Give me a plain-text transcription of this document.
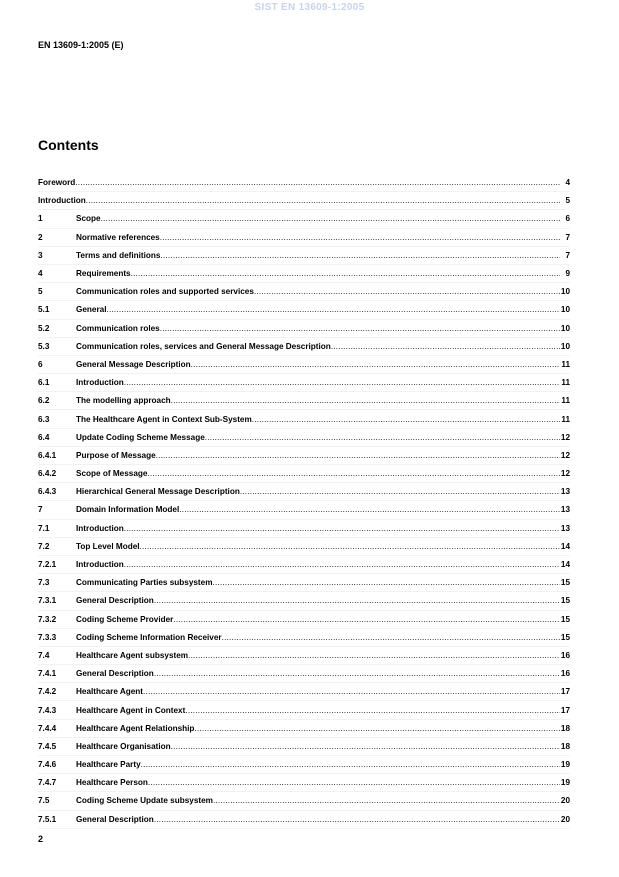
SIST EN 13609-1:2005
EN 13609-1:2005 (E)
Contents
Foreword .....	4
Introduction .....	5
1	Scope .....	6
2	Normative references .....	7
3	Terms and definitions .....	7
4	Requirements .....	9
5	Communication roles and supported services .....	10
5.1	General .....	10
5.2	Communication roles .....	10
5.3	Communication roles, services and General Message Description .....	10
6	General Message Description .....	11
6.1	Introduction .....	11
6.2	The modelling approach .....	11
6.3	The Healthcare Agent in Context Sub-System .....	11
6.4	Update Coding Scheme Message .....	12
6.4.1	Purpose of Message .....	12
6.4.2	Scope of Message .....	12
6.4.3	Hierarchical General Message Description .....	13
7	Domain Information Model .....	13
7.1	Introduction .....	13
7.2	Top Level Model .....	14
7.2.1	Introduction .....	14
7.3	Communicating Parties subsystem .....	15
7.3.1	General Description .....	15
7.3.2	Coding Scheme Provider .....	15
7.3.3	Coding Scheme Information Receiver .....	15
7.4	Healthcare Agent subsystem .....	16
7.4.1	General Description .....	16
7.4.2	Healthcare Agent .....	17
7.4.3	Healthcare Agent in Context .....	17
7.4.4	Healthcare Agent Relationship .....	18
7.4.5	Healthcare Organisation .....	18
7.4.6	Healthcare Party .....	19
7.4.7	Healthcare Person .....	19
7.5	Coding Scheme Update subsystem .....	20
7.5.1	General Description .....	20
2
